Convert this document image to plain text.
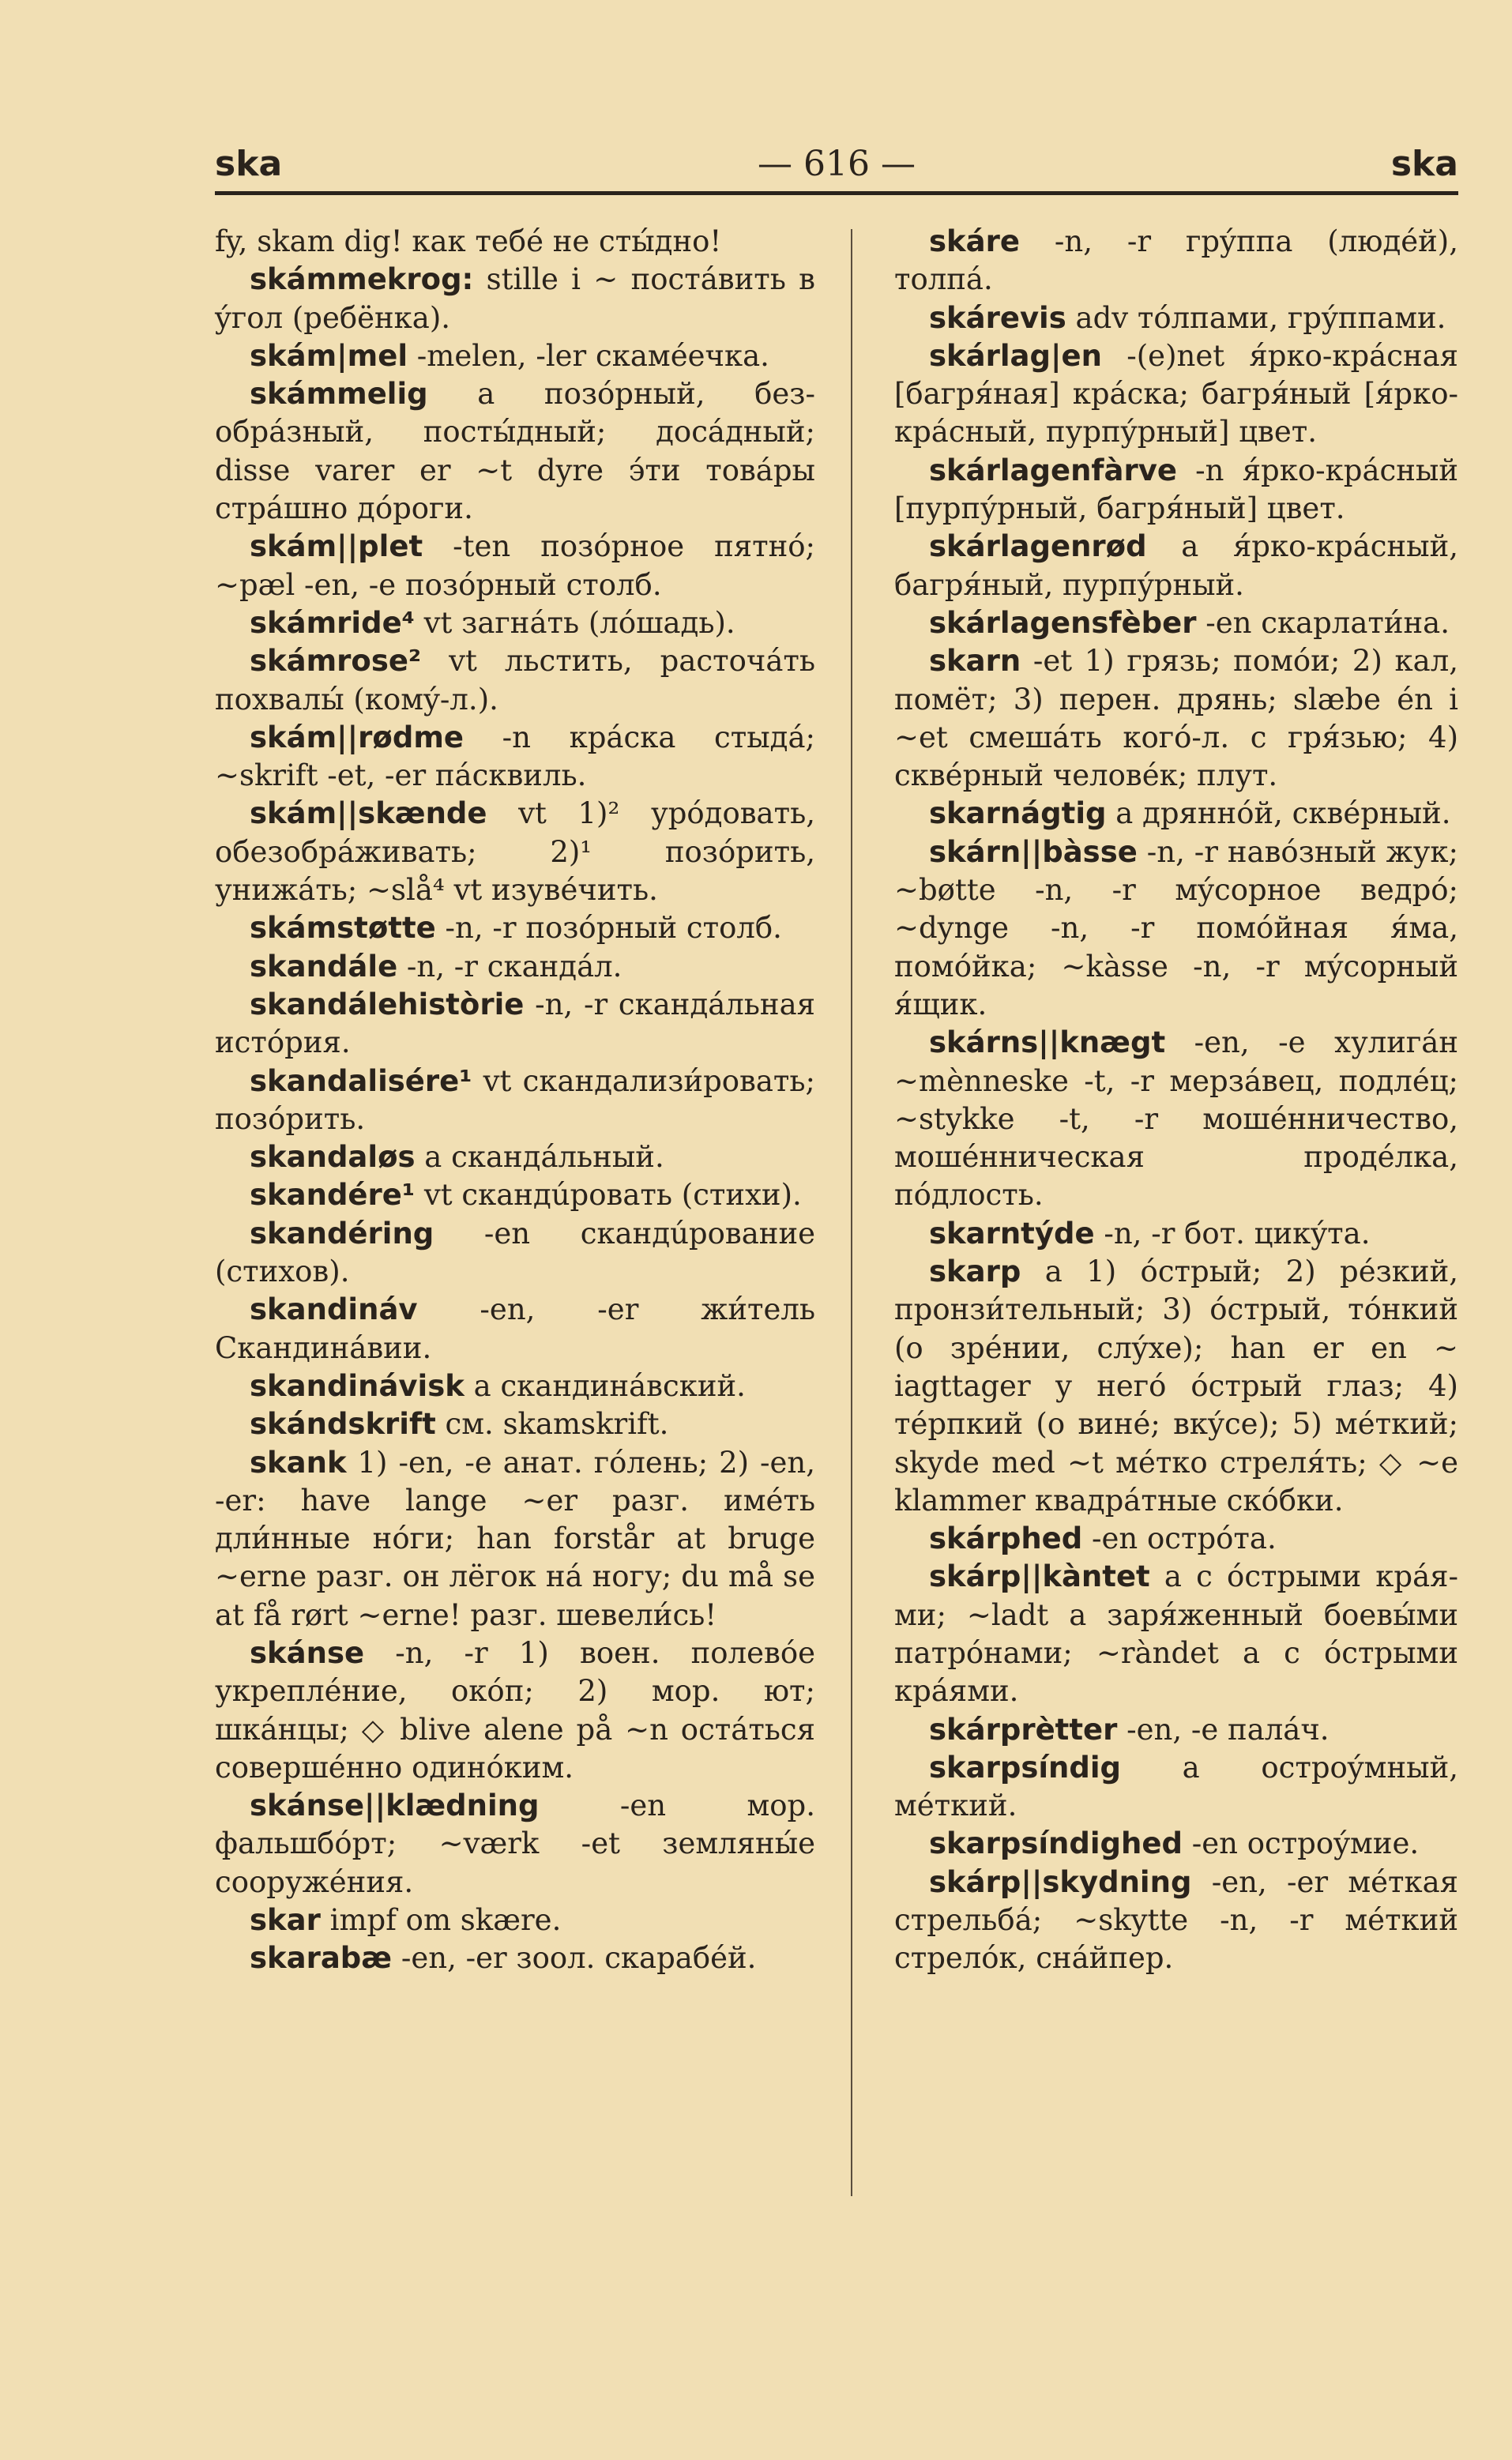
ska	— 616 —	ska

fy, skam dig! как тебé не сты́дно!

skámmekrog: stille i ~ постáвить в ýгол (ребёнка).

skám|mel -melen, -ler скамéечка.

skámmelig a позóрный, безобрáзный, посты́дный; досáдный; disse varer er ~t dyre э́ти товáры стрáшно дóроги.

skám||plet -ten позóрное пятнó; ~pæl -en, -e позóрный столб.

skámride⁴ vt загнáть (лóшадь).

skámrose² vt льстить, расточáть похвалы́ (комý-л.).

skám||rødme -n крáска стыдá; ~skrift -et, -er пáсквиль.

skám||skænde vt 1)² урóдовать, обезобрáживать; 2)¹ позóрить, унижáть; ~slå⁴ vt изувéчить.

skámstøtte -n, -r позóрный столб.

skandále -n, -r скандáл.

skandálehistòrie -n, -r скандáльная истóрия.

skandalisére¹ vt скандализи́ровать; позóрить.

skandaløs a скандáльный.

skandére¹ vt скандúровать (стихи).

skandéring -en скандúрование (стихов).

skandináv -en, -er жи́тель Скандинáвии.

skandinávisk a скандинáвский.

skándskrift см. skamskrift.

skank 1) -en, -e анат. гóлень; 2) -en, -er: have lange ~er разг. имéть дли́нные нóги; han forstår at bruge ~erne разг. он лёгок нá ногу; du må se at få rørt ~erne! разг. шевели́сь!

skánse -n, -r 1) воен. полевóе укреплéние, окóп; 2) мор. ют; шкáнцы; ◇ blive alene på ~n остáться совершéнно одинóким.

skánse||klædning -en мор. фальшбóрт; ~værk -et земляны́е сооружéния.

skar impf om skære.

skarabæ -en, -er зоол. скарабéй.

skáre -n, -r грýппа (людéй), толпá.

skárevis adv тóлпами, грýппами.

skárlag|en -(e)net я́рко-крáсная [багря́ная] крáска; багря́ный [я́рко-крáсный, пурпýрный] цвет.

skárlagenfàrve -n я́рко-крáсный [пурпýрный, багря́ный] цвет.

skárlagenrød a я́рко-крáсный, багря́ный, пурпýрный.

skárlagensfèber -en скарлати́на.

skarn -et 1) грязь; помóи; 2) кал, помёт; 3) перен. дрянь; slæbe én i ~et смешáть когó-л. с гря́зью; 4) сквéрный человéк; плут.

skarnágtig a дряннóй, сквéрный.

skárn||bàsse -n, -r навóзный жук; ~bøtte -n, -r мýсорное ведрó; ~dynge -n, -r помóйная я́ма, помóйка; ~kàsse -n, -r мýсорный я́щик.

skárns||knægt -en, -e хулигáн ~mènneske -t, -r мерзáвец, подлéц; ~stykke -t, -r мошéнничество, мошéнническая продéлка, пóдлость.

skarntýde -n, -r бот. цикýта.

skarp a 1) óстрый; 2) рéзкий, пронзи́тельный; 3) óстрый, тóнкий (о зрéнии, слýхе); han er en ~ iagttager у негó óстрый глаз; 4) тéрпкий (о винé; вкýсе); 5) мéткий; skyde med ~t мéтко стреля́ть; ◇ ~e klammer квадрáтные скóбки.

skárphed -en острóта.

skárp||kàntet a с óстрыми кра́ями; ~ladt a заря́женный боевы́ми патрóнами; ~ràndet a с óстрыми кра́ями.

skárprètter -en, -e палáч.

skarpsíndig a остроýмный, мéткий.

skarpsíndighed -en остроýмие.

skárp||skydning -en, -er мéткая стрельбá; ~skytte -n, -r мéткий стрелóк, снáйпер.
